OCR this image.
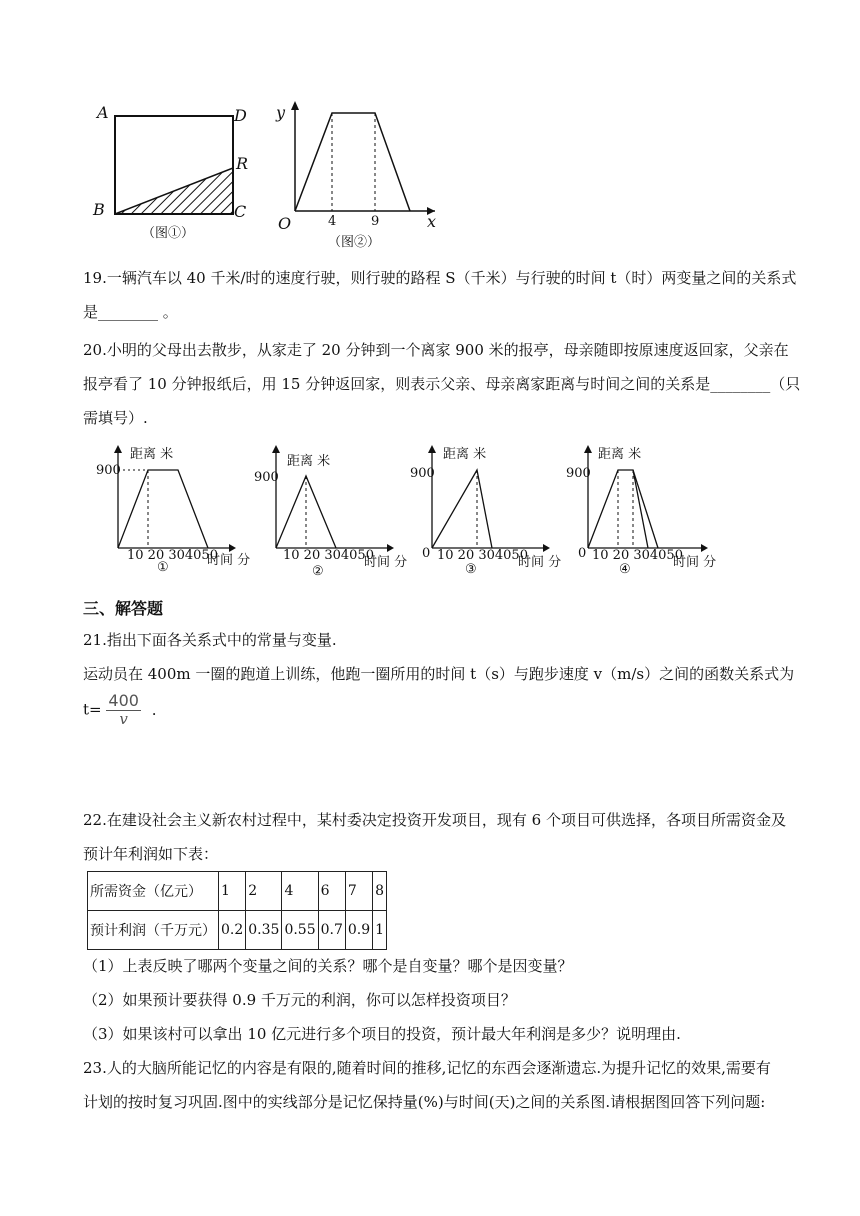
A	D
R
B	C
（图①）
y
O	4	9	x
（图②）
19.一辆汽车以 40 千米/时的速度行驶，则行驶的路程 S（千米）与行驶的时间 t（时）两变量之间的关系式
是________ 。
20.小明的父母出去散步，从家走了 20 分钟到一个离家 900 米的报亭，母亲随即按原速度返回家，父亲在
报亭看了 10 分钟报纸后，用 15 分钟返回家，则表示父亲、母亲离家距离与时间之间的关系是________（只
需填号）.
距离 米
900
10 20 304050
时间 分
①
距离 米
900
10 20 304050
时间 分
②
距离 米
900
0 10 20 304050
时间 分
③
距离 米
900
0 10 20 304050
时间 分
④
三、解答题
21.指出下面各关系式中的常量与变量.
运动员在 400m 一圈的跑道上训练，他跑一圈所用的时间 t（s）与跑步速度 v（m/s）之间的函数关系式为
$t= \frac{400}{v}$ .
22.在建设社会主义新农村过程中，某村委决定投资开发项目，现有 6 个项目可供选择，各项目所需资金及
预计年利润如下表：
所需资金（亿元）	1	2	4	6	7	8
预计利润（千万元）	0.2	0.35	0.55	0.7	0.9	1
（1）上表反映了哪两个变量之间的关系？哪个是自变量？哪个是因变量？
（2）如果预计要获得 0.9 千万元的利润，你可以怎样投资项目？
（3）如果该村可以拿出 10 亿元进行多个项目的投资，预计最大年利润是多少？说明理由.
23.人的大脑所能记忆的内容是有限的,随着时间的推移,记忆的东西会逐渐遗忘.为提升记忆的效果,需要有
计划的按时复习巩固.图中的实线部分是记忆保持量(%)与时间(天)之间的关系图.请根据图回答下列问题:
